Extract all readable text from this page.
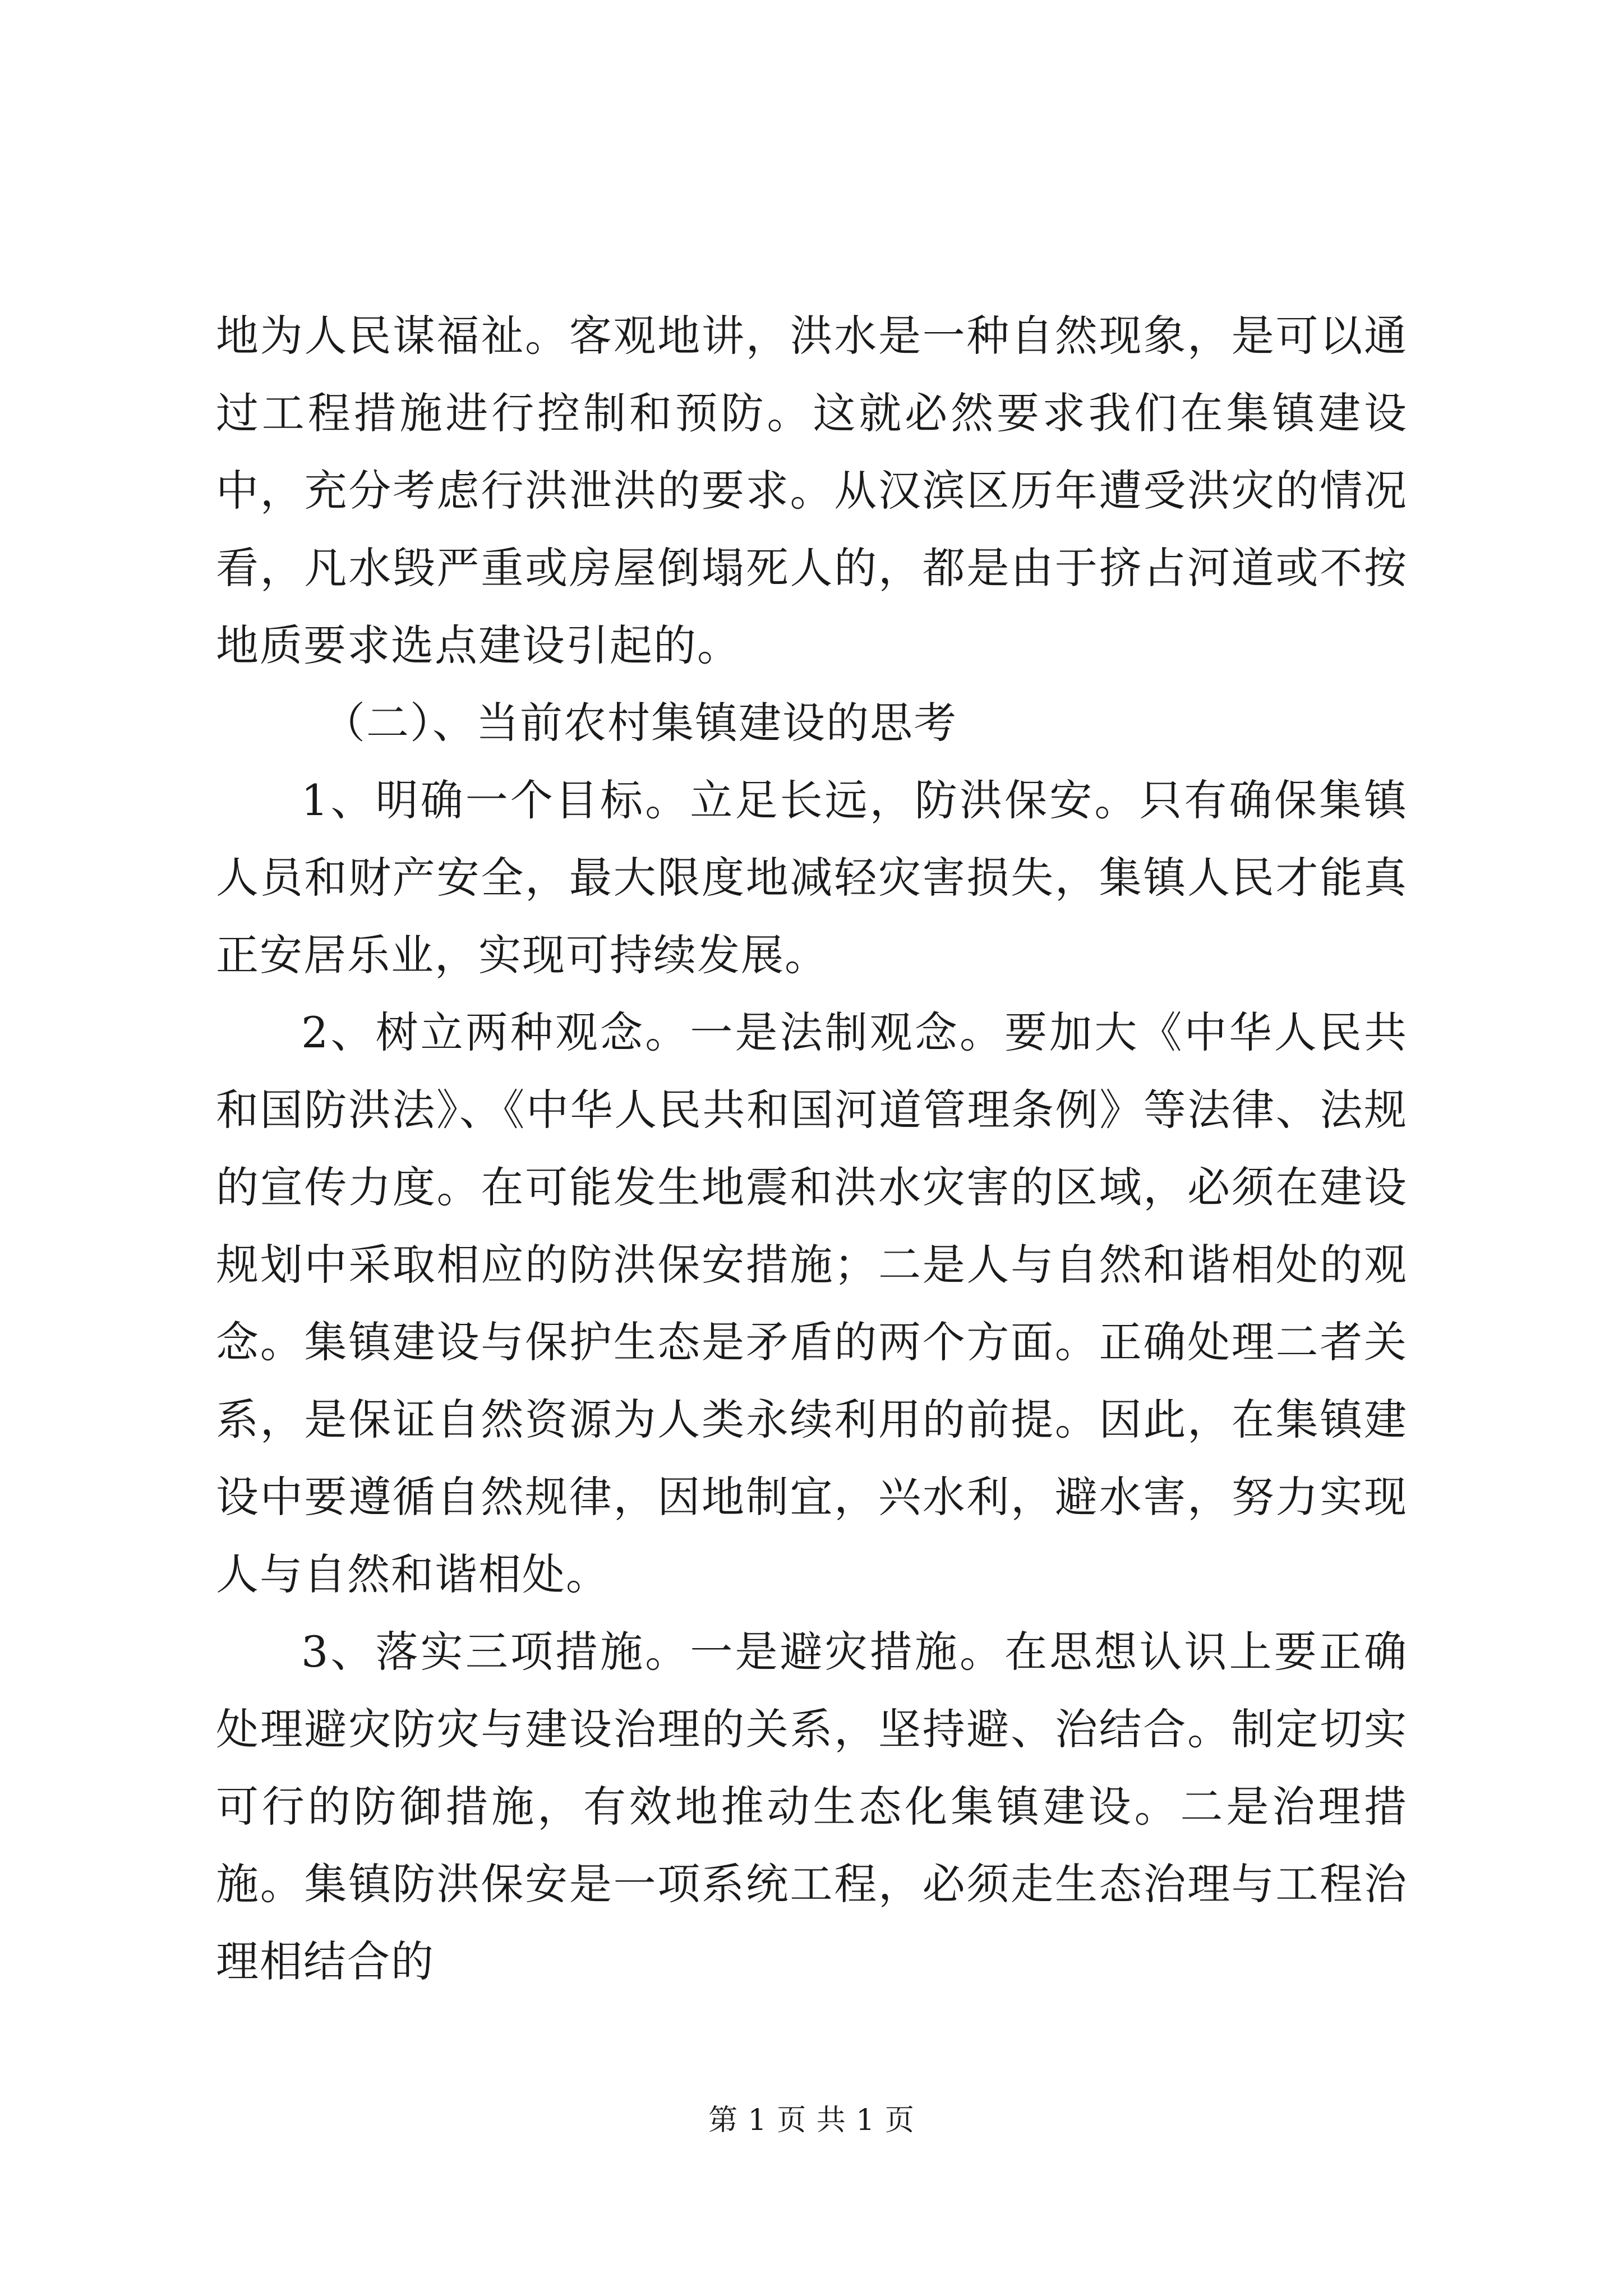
地为人民谋福祉。客观地讲，洪水是一种自然现象，是可以通过工程措施进行控制和预防。这就必然要求我们在集镇建设中，充分考虑行洪泄洪的要求。从汉滨区历年遭受洪灾的情况看，凡水毁严重或房屋倒塌死人的，都是由于挤占河道或不按地质要求选点建设引起的。

（二）、当前农村集镇建设的思考

1、明确一个目标。立足长远，防洪保安。只有确保集镇人员和财产安全，最大限度地减轻灾害损失，集镇人民才能真正安居乐业，实现可持续发展。

2、树立两种观念。一是法制观念。要加大《中华人民共和国防洪法》、《中华人民共和国河道管理条例》等法律、法规的宣传力度。在可能发生地震和洪水灾害的区域，必须在建设规划中采取相应的防洪保安措施；二是人与自然和谐相处的观念。集镇建设与保护生态是矛盾的两个方面。正确处理二者关系，是保证自然资源为人类永续利用的前提。因此，在集镇建设中要遵循自然规律，因地制宜，兴水利，避水害，努力实现人与自然和谐相处。

3、落实三项措施。一是避灾措施。在思想认识上要正确处理避灾防灾与建设治理的关系，坚持避、治结合。制定切实可行的防御措施，有效地推动生态化集镇建设。二是治理措施。集镇防洪保安是一项系统工程，必须走生态治理与工程治理相结合的

第 1 页 共 1 页
